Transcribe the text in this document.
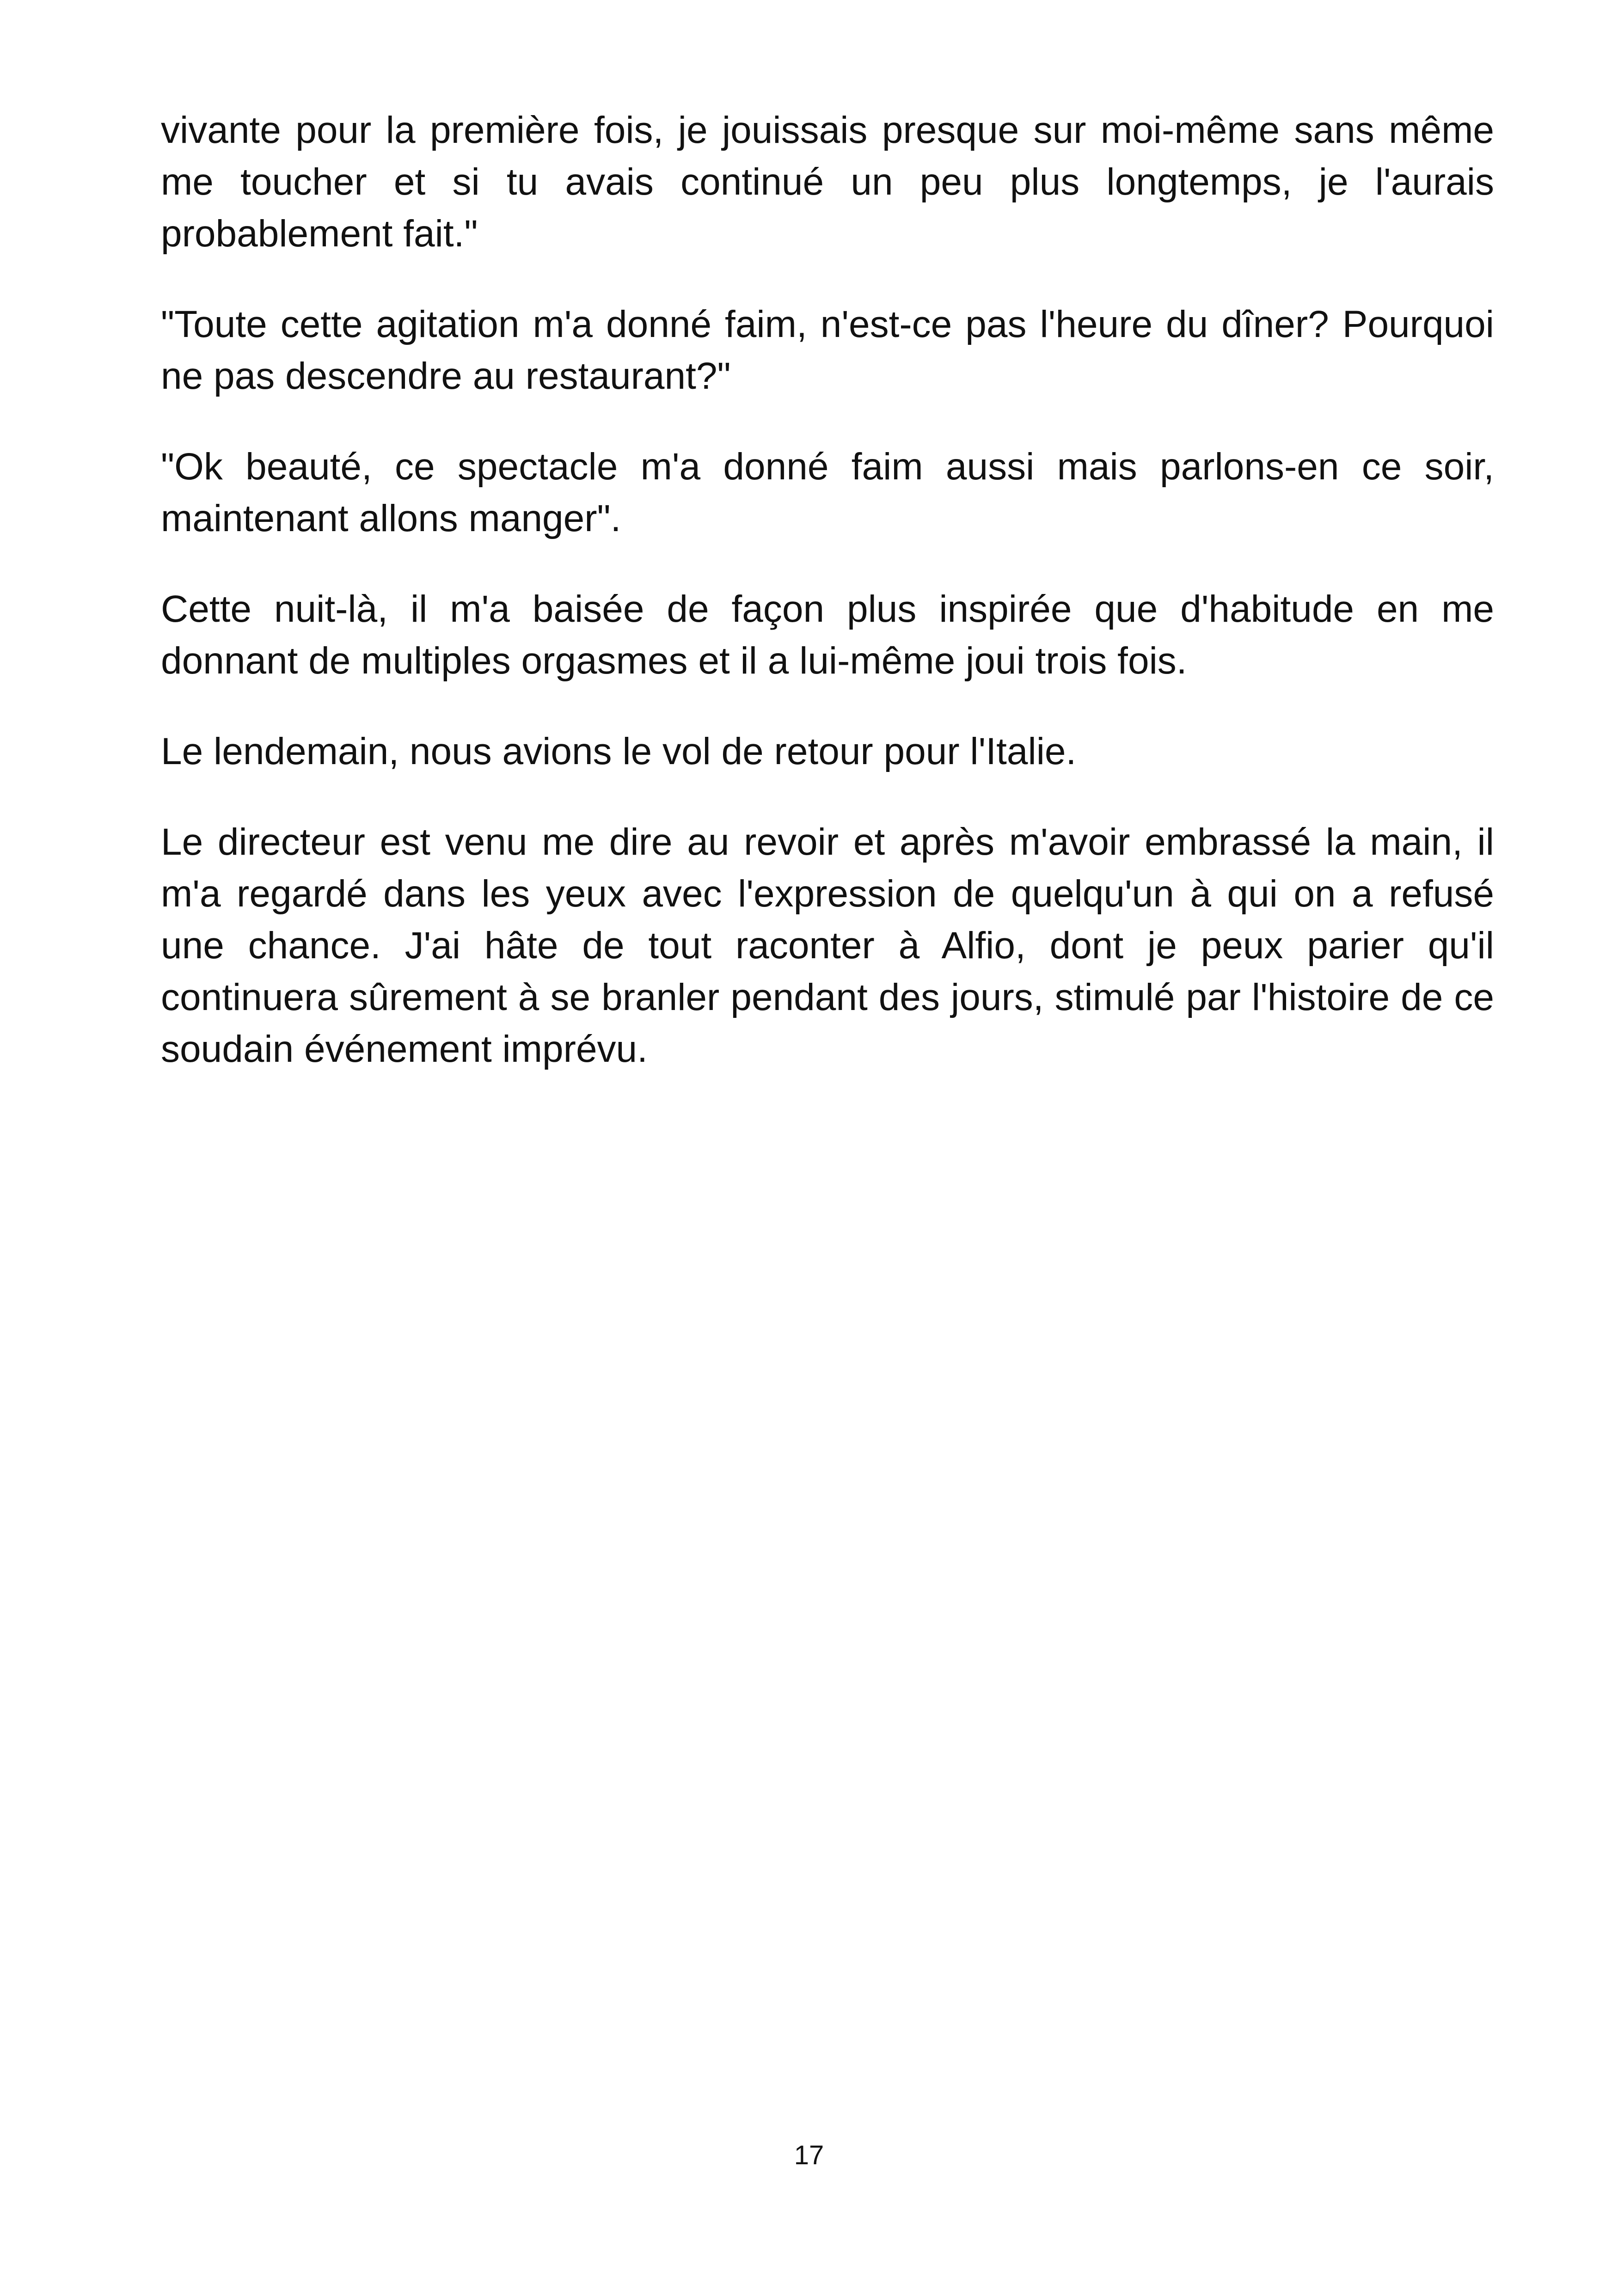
vivante pour la première fois, je jouissais presque sur moi-même sans même me toucher et si tu avais continué un peu plus longtemps, je l'aurais probablement fait."

"Toute cette agitation m'a donné faim, n'est-ce pas l'heure du dîner? Pourquoi ne pas descendre au restaurant?"

"Ok beauté, ce spectacle m'a donné faim aussi mais parlons-en ce soir, maintenant allons manger".

Cette nuit-là, il m'a baisée de façon plus inspirée que d'habitude en me donnant de multiples orgasmes et il a lui-même joui trois fois.

Le lendemain, nous avions le vol de retour pour l'Italie.

Le directeur est venu me dire au revoir et après m'avoir embrassé la main, il m'a regardé dans les yeux avec l'expression de quelqu'un à qui on a refusé une chance. J'ai hâte de tout raconter à Alfio, dont je peux parier qu'il continuera sûrement à se branler pendant des jours, stimulé par l'histoire de ce soudain événement imprévu.

17
